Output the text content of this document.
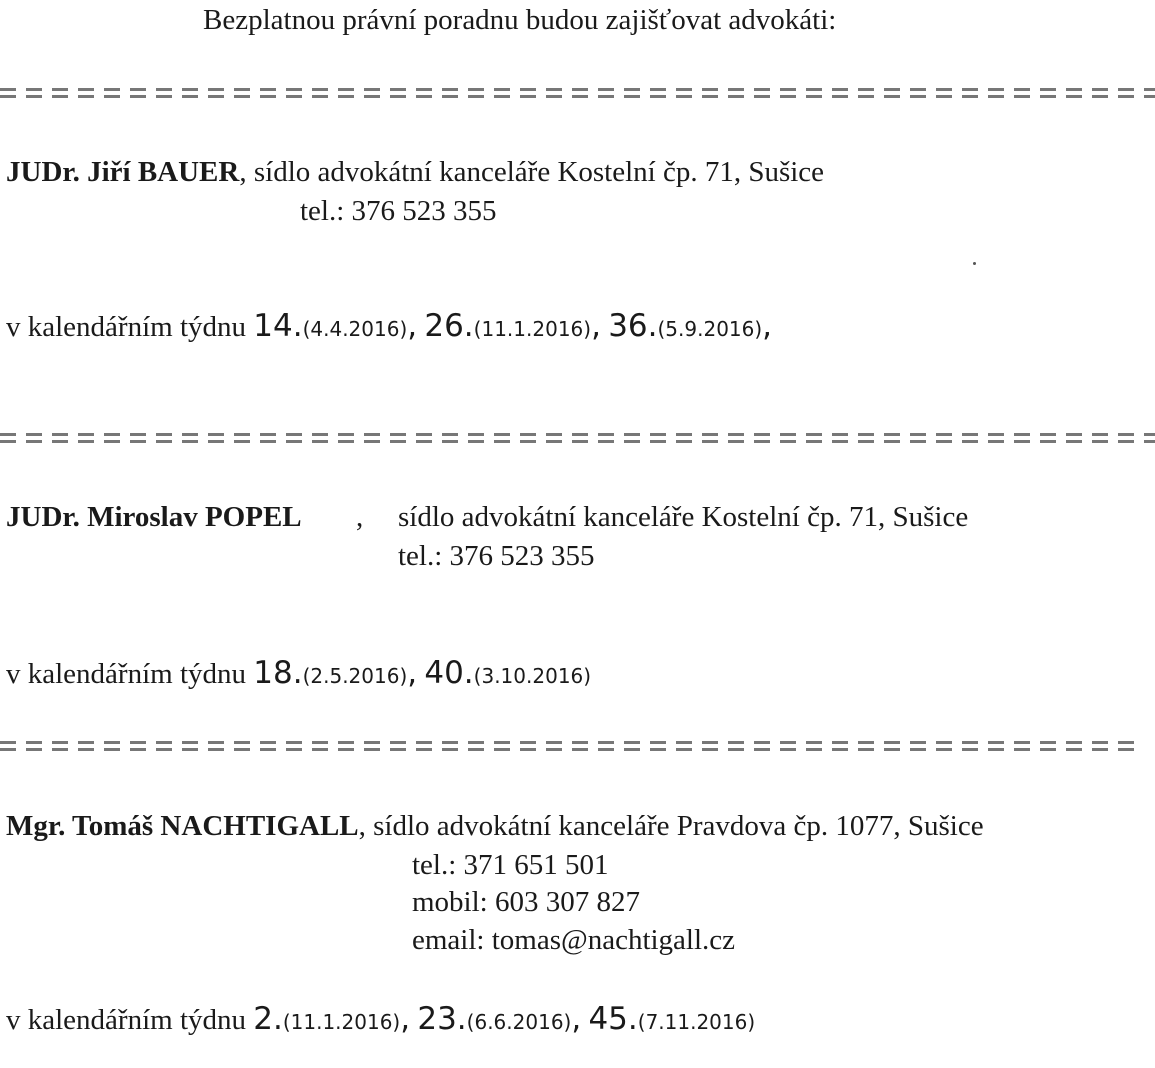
Bezplatnou právní poradnu budou zajišťovat advokáti:
JUDr. Jiří BAUER, sídlo advokátní kanceláře Kostelní čp. 71, Sušice
tel.: 376 523 355
v kalendářním týdnu 14.(4.4.2016), 26.(11.1.2016), 36.(5.9.2016),
JUDr. Miroslav POPEL , sídlo advokátní kanceláře Kostelní čp. 71, Sušice
tel.: 376 523 355
v kalendářním týdnu 18.(2.5.2016), 40.(3.10.2016)
Mgr. Tomáš NACHTIGALL, sídlo advokátní kanceláře Pravdova čp. 1077, Sušice
tel.: 371 651 501
mobil: 603 307 827
email: tomas@nachtigall.cz
v kalendářním týdnu 2.(11.1.2016), 23.(6.6.2016), 45.(7.11.2016)
